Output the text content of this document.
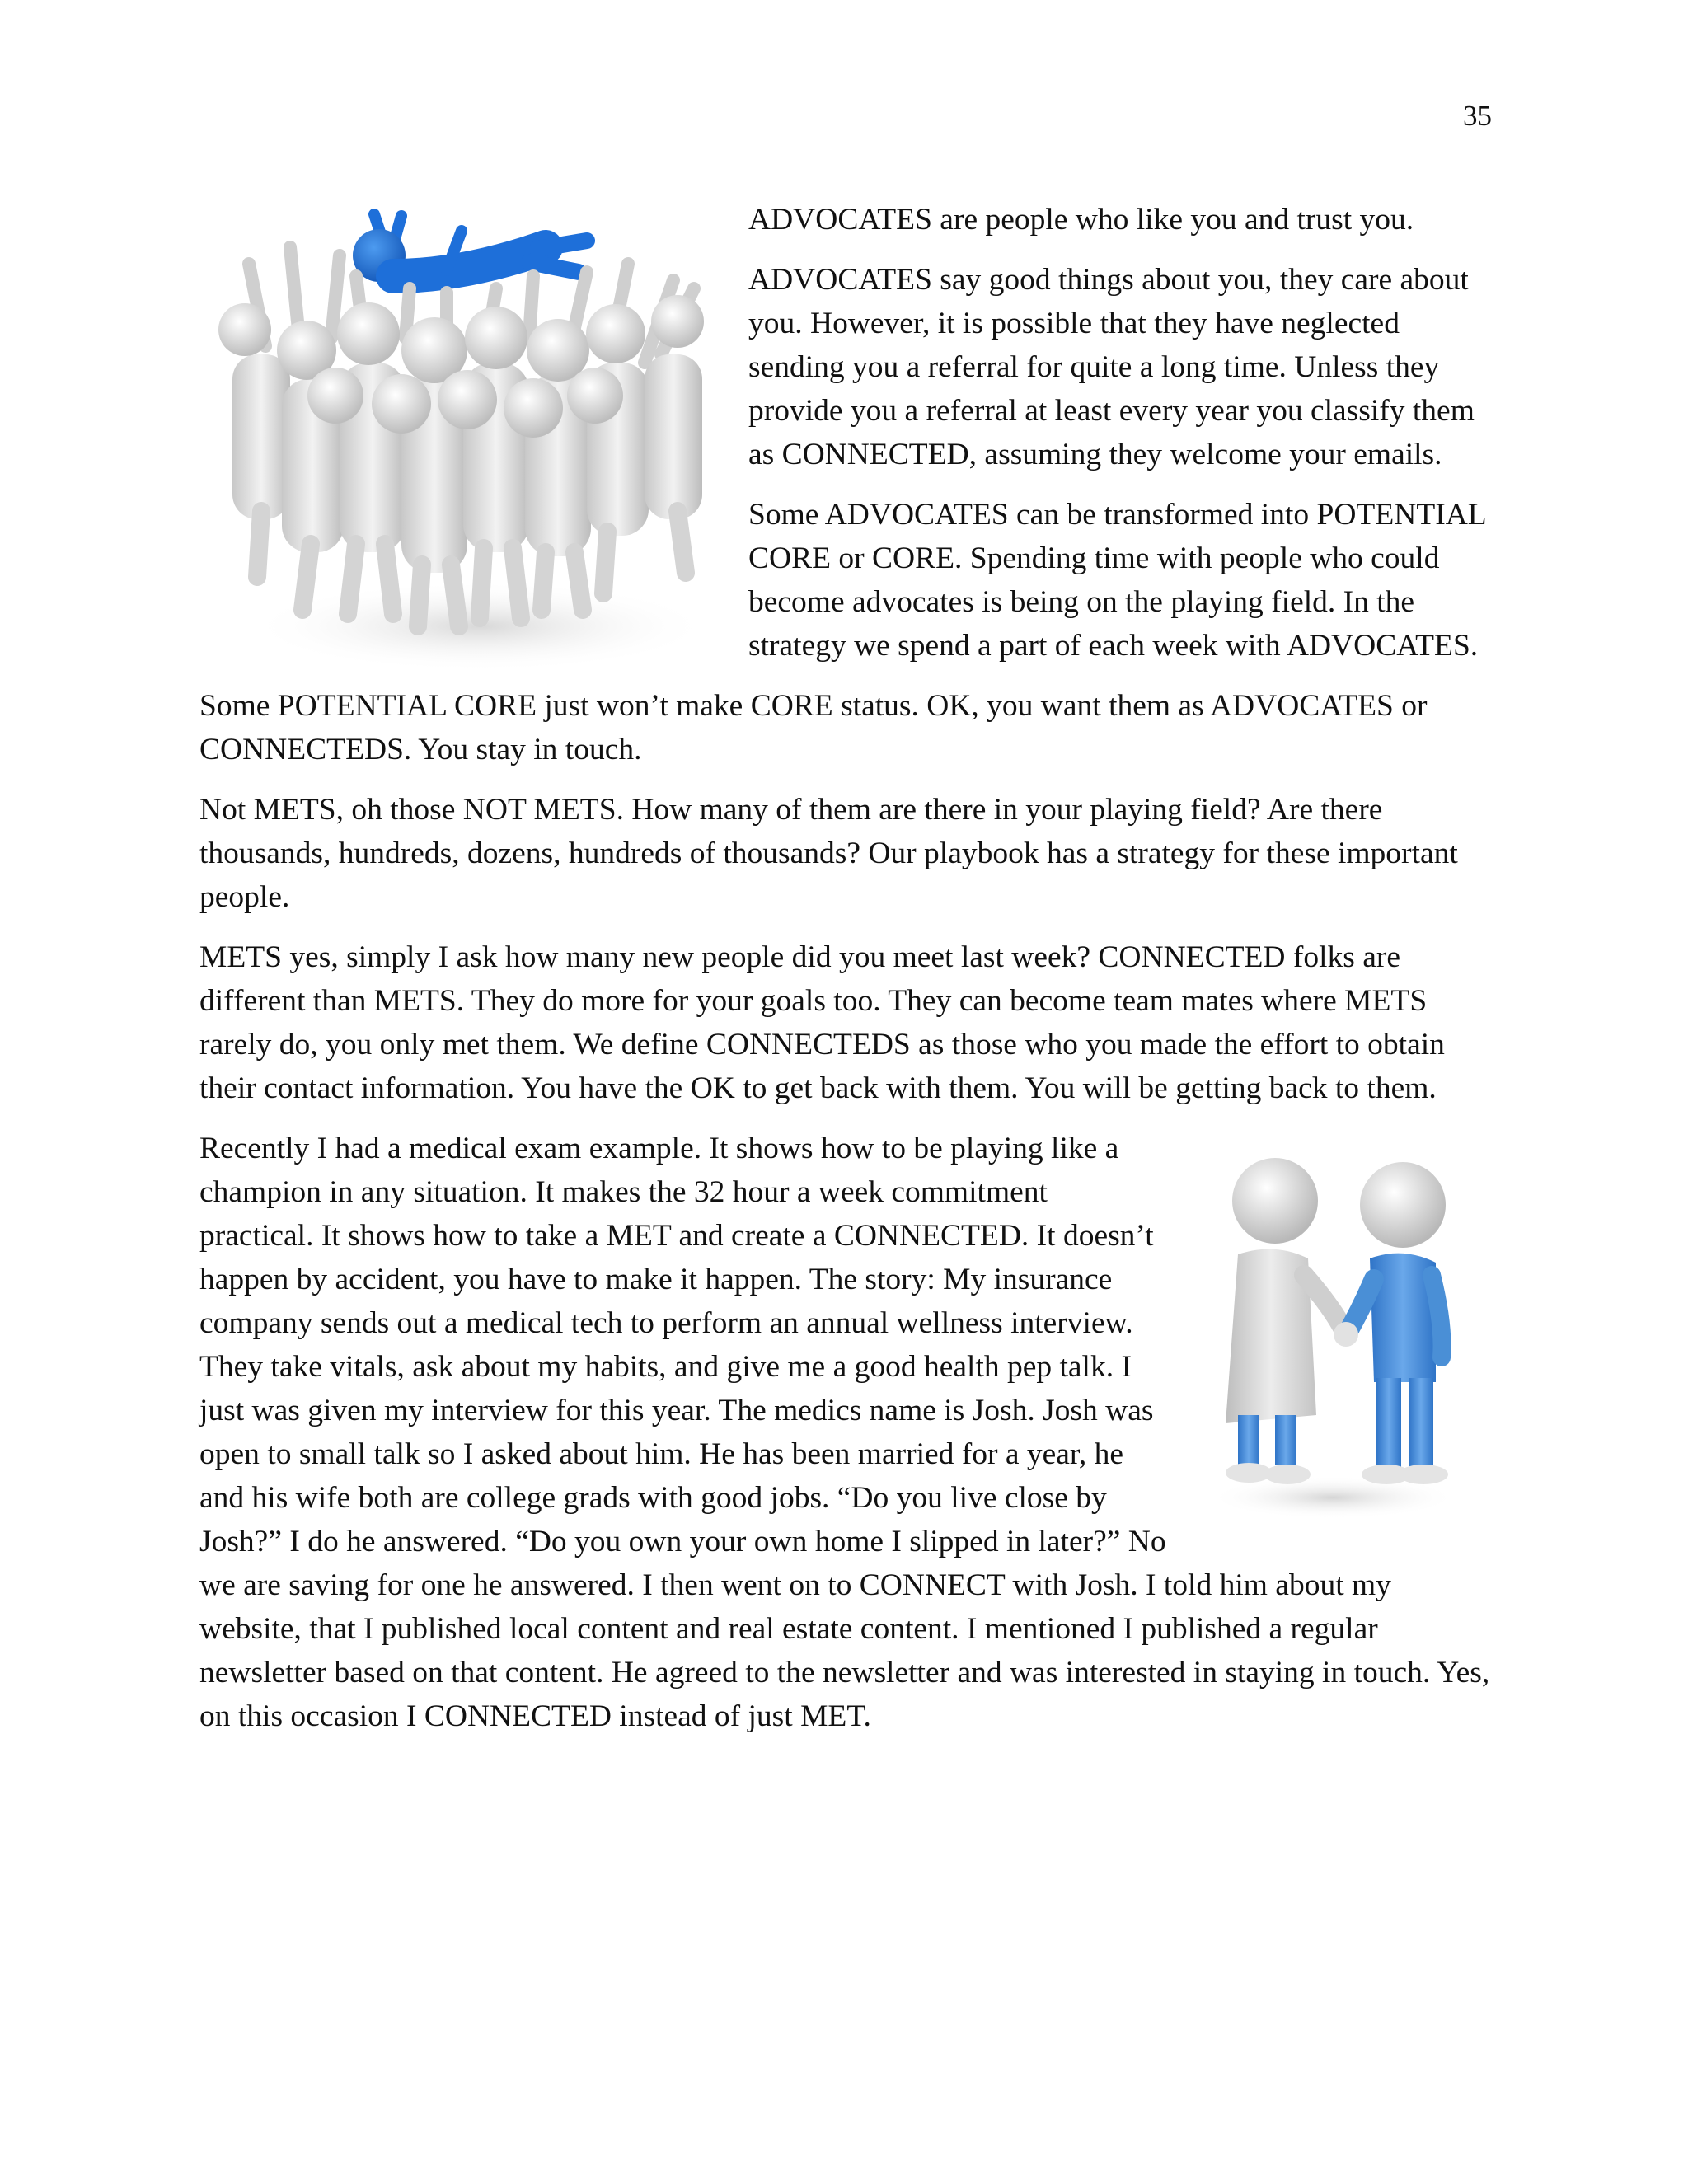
35

ADVOCATES are people who like you and trust you.

ADVOCATES say good things about you, they care about you. However, it is possible that they have neglected sending you a referral for quite a long time. Unless they provide you a referral at least every year you classify them as CONNECTED, assuming they welcome your emails.

Some ADVOCATES can be transformed into POTENTIAL CORE or CORE. Spending time with people who could become advocates is being on the playing field. In the strategy we spend a part of each week with ADVOCATES.

Some POTENTIAL CORE just won’t make CORE status. OK, you want them as ADVOCATES or CONNECTEDS. You stay in touch.

Not METS, oh those NOT METS. How many of them are there in your playing field? Are there thousands, hundreds, dozens, hundreds of thousands? Our playbook has a strategy for these important people.

METS yes, simply I ask how many new people did you meet last week? CONNECTED folks are different than METS. They do more for your goals too. They can become team mates where METS rarely do, you only met them. We define CONNECTEDS as those who you made the effort to obtain their contact information. You have the OK to get back with them. You will be getting back to them.

Recently I had a medical exam example. It shows how to be playing like a champion in any situation. It makes the 32 hour a week commitment practical. It shows how to take a MET and create a CONNECTED. It doesn’t happen by accident, you have to make it happen. The story: My insurance company sends out a medical tech to perform an annual wellness interview. They take vitals, ask about my habits, and give me a good health pep talk. I just was given my interview for this year. The medics name is Josh. Josh was open to small talk so I asked about him. He has been married for a year, he and his wife both are college grads with good jobs. “Do you live close by Josh?” I do he answered. “Do you own your own home I slipped in later?” No we are saving for one he answered. I then went on to CONNECT with Josh. I told him about my website, that I published local content and real estate content. I mentioned I published a regular newsletter based on that content. He agreed to the newsletter and was interested in staying in touch. Yes, on this occasion I CONNECTED instead of just MET.
